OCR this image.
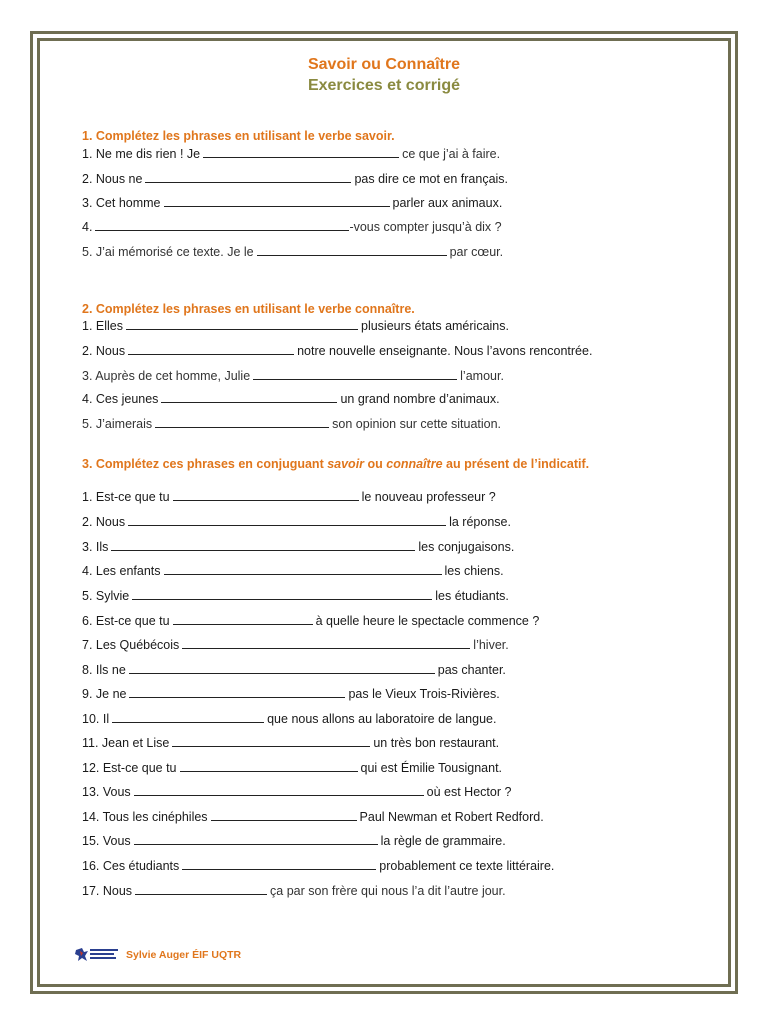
Savoir ou Connaître
Exercices et corrigé
1. Complétez les phrases en utilisant le verbe savoir.
1. Ne me dis rien ! Je	ce que j’ai à faire.
2. Nous ne	pas dire ce mot en français.
3. Cet homme	parler aux animaux.
4.	-vous compter jusqu’à dix ?
5. J’ai mémorisé ce texte. Je le	par cœur.
2. Complétez les phrases en utilisant le verbe connaître.
1. Elles	plusieurs états américains.
2. Nous	notre nouvelle enseignante. Nous l’avons rencontrée.
3. Auprès de cet homme, Julie	l’amour.
4. Ces jeunes	un grand nombre d’animaux.
5. J’aimerais	son opinion sur cette situation.
3. Complétez ces phrases en conjuguant savoir ou connaître au présent de l’indicatif.
1. Est-ce que tu	le nouveau professeur ?
2. Nous	la réponse.
3. Ils	les conjugaisons.
4. Les enfants	les chiens.
5. Sylvie	les étudiants.
6. Est-ce que tu	à quelle heure le spectacle commence ?
7. Les Québécois	l’hiver.
8. Ils ne	pas chanter.
9. Je ne	pas le Vieux Trois-Rivières.
10. Il	que nous allons au laboratoire de langue.
11. Jean et Lise	un très bon restaurant.
12. Est-ce que tu	qui est Émilie Tousignant.
13. Vous	où est Hector ?
14. Tous les cinéphiles	Paul Newman et Robert Redford.
15. Vous	la règle de grammaire.
16. Ces étudiants	probablement ce texte littéraire.
17. Nous	ça par son frère qui nous l’a dit l’autre jour.
Sylvie Auger ÉIF UQTR
